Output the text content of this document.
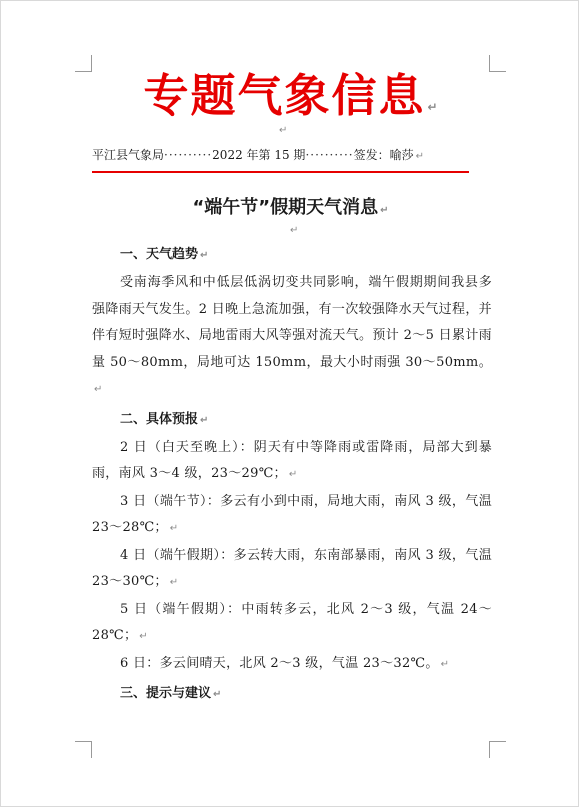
专题气象信息 ↵
↵
平江县气象局··········2022 年第 15 期··········签发：喻莎 ↵
“端午节”假期天气消息 ↵
↵
一、天气趋势 ↵

受南海季风和中低层低涡切变共同影响，端午假期期间我县多强降雨天气发生。2 日晚上急流加强，有一次较强降水天气过程，并伴有短时强降水、局地雷雨大风等强对流天气。预计 2～5 日累计雨量 50～80mm，局地可达 150mm，最大小时雨强 30～50mm。↵

二、具体预报 ↵

2 日（白天至晚上）：阴天有中等降雨或雷降雨，局部大到暴雨，南风 3～4 级，23～29℃； ↵

3 日（端午节）：多云有小到中雨，局地大雨，南风 3 级，气温 23～28℃； ↵

4 日（端午假期）：多云转大雨，东南部暴雨，南风 3 级，气温 23～30℃； ↵

5 日（端午假期）：中雨转多云，北风 2～3 级，气温 24～28℃； ↵

6 日：多云间晴天，北风 2～3 级，气温 23～32℃。 ↵

三、提示与建议 ↵
